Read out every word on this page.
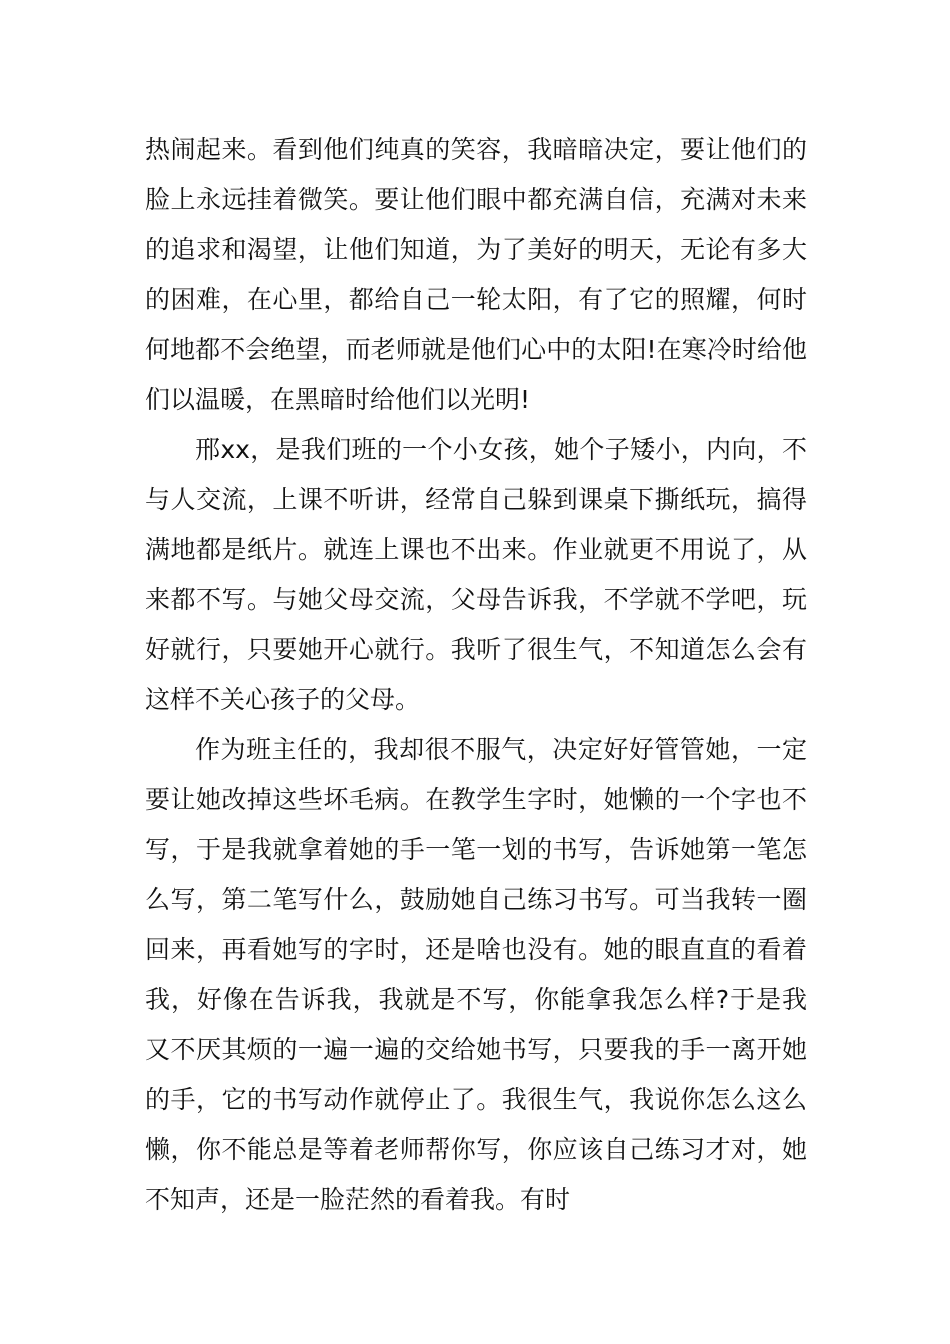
热闹起来。看到他们纯真的笑容，我暗暗决定，要让他们的脸上永远挂着微笑。要让他们眼中都充满自信，充满对未来的追求和渴望，让他们知道，为了美好的明天，无论有多大的困难，在心里，都给自己一轮太阳，有了它的照耀，何时何地都不会绝望，而老师就是他们心中的太阳!在寒冷时给他们以温暖，在黑暗时给他们以光明!

邢xx，是我们班的一个小女孩，她个子矮小，内向，不与人交流，上课不听讲，经常自己躲到课桌下撕纸玩，搞得满地都是纸片。就连上课也不出来。作业就更不用说了，从来都不写。与她父母交流，父母告诉我，不学就不学吧，玩好就行，只要她开心就行。我听了很生气，不知道怎么会有这样不关心孩子的父母。

作为班主任的，我却很不服气，决定好好管管她，一定要让她改掉这些坏毛病。在教学生字时，她懒的一个字也不写，于是我就拿着她的手一笔一划的书写，告诉她第一笔怎么写，第二笔写什么，鼓励她自己练习书写。可当我转一圈回来，再看她写的字时，还是啥也没有。她的眼直直的看着我，好像在告诉我，我就是不写，你能拿我怎么样?于是我又不厌其烦的一遍一遍的交给她书写，只要我的手一离开她的手，它的书写动作就停止了。我很生气，我说你怎么这么懒，你不能总是等着老师帮你写，你应该自己练习才对，她不知声，还是一脸茫然的看着我。有时
